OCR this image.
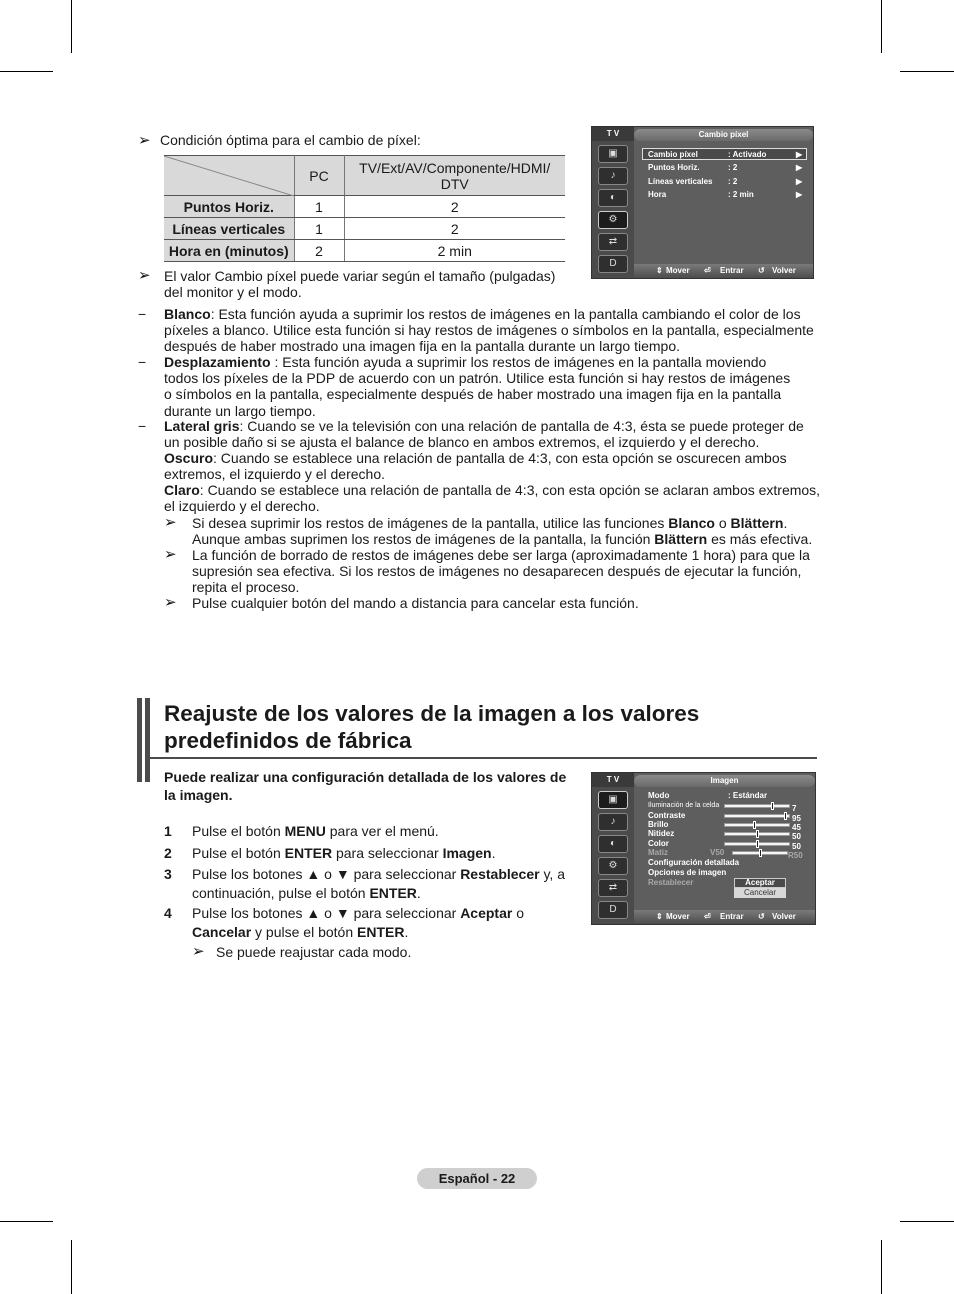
➢ Condición óptima para el cambio de píxel:
	PC	TV/Ext/AV/Componente/HDMI/ DTV
Puntos Horiz.	1	2
Líneas verticales	1	2
Hora en (minutos)	2	2 min
➢ El valor Cambio píxel puede variar según el tamaño (pulgadas) del monitor y el modo.
T V	Cambio píxel
▣
♪
◐
⚙
⇄
D
Cambio píxel	: Activado	▶
Puntos Horiz.	: 2	▶
Líneas verticales : 2	▶
Hora	: 2 min	▶
⇕ Mover ⏎ Entrar ↺ Volver
− Blanco: Esta función ayuda a suprimir los restos de imágenes en la pantalla cambiando el color de los píxeles a blanco. Utilice esta función si hay restos de imágenes o símbolos en la pantalla, especialmente después de haber mostrado una imagen fija en la pantalla durante un largo tiempo.
− Desplazamiento : Esta función ayuda a suprimir los restos de imágenes en la pantalla moviendo todos los píxeles de la PDP de acuerdo con un patrón. Utilice esta función si hay restos de imágenes o símbolos en la pantalla, especialmente después de haber mostrado una imagen fija en la pantalla durante un largo tiempo.
− Lateral gris: Cuando se ve la televisión con una relación de pantalla de 4:3, ésta se puede proteger de un posible daño si se ajusta el balance de blanco en ambos extremos, el izquierdo y el derecho.
Oscuro: Cuando se establece una relación de pantalla de 4:3, con esta opción se oscurecen ambos extremos, el izquierdo y el derecho.
Claro: Cuando se establece una relación de pantalla de 4:3, con esta opción se aclaran ambos extremos, el izquierdo y el derecho.
➢	Si desea suprimir los restos de imágenes de la pantalla, utilice las funciones Blanco o Blättern. Aunque ambas suprimen los restos de imágenes de la pantalla, la función Blättern es más efectiva.
➢	La función de borrado de restos de imágenes debe ser larga (aproximadamente 1 hora) para que la supresión sea efectiva. Si los restos de imágenes no desaparecen después de ejecutar la función, repita el proceso.
➢	Pulse cualquier botón del mando a distancia para cancelar esta función.
Reajuste de los valores de la imagen a los valores
predefinidos de fábrica
Puede realizar una configuración detallada de los valores de la imagen.
1 Pulse el botón MENU para ver el menú.
2 Pulse el botón ENTER para seleccionar Imagen.
3 Pulse los botones ▲ o ▼ para seleccionar Restablecer y, a continuación, pulse el botón ENTER.
4 Pulse los botones ▲ o ▼ para seleccionar Aceptar o Cancelar y pulse el botón ENTER.
➢ Se puede reajustar cada modo.
T V	Imagen
▣
♪
◐
⚙
⇄
D
Modo	: Estándar
Matiz	V50	R50
Configuración detallada
Opciones de imagen
Restablecer	Aceptar
Cancelar
⇕ Mover ⏎ Entrar ↺ Volver
Iluminación de la celda	7
Contraste	95
Brillo	45
Nitidez	50
Color	50
Español - 22
